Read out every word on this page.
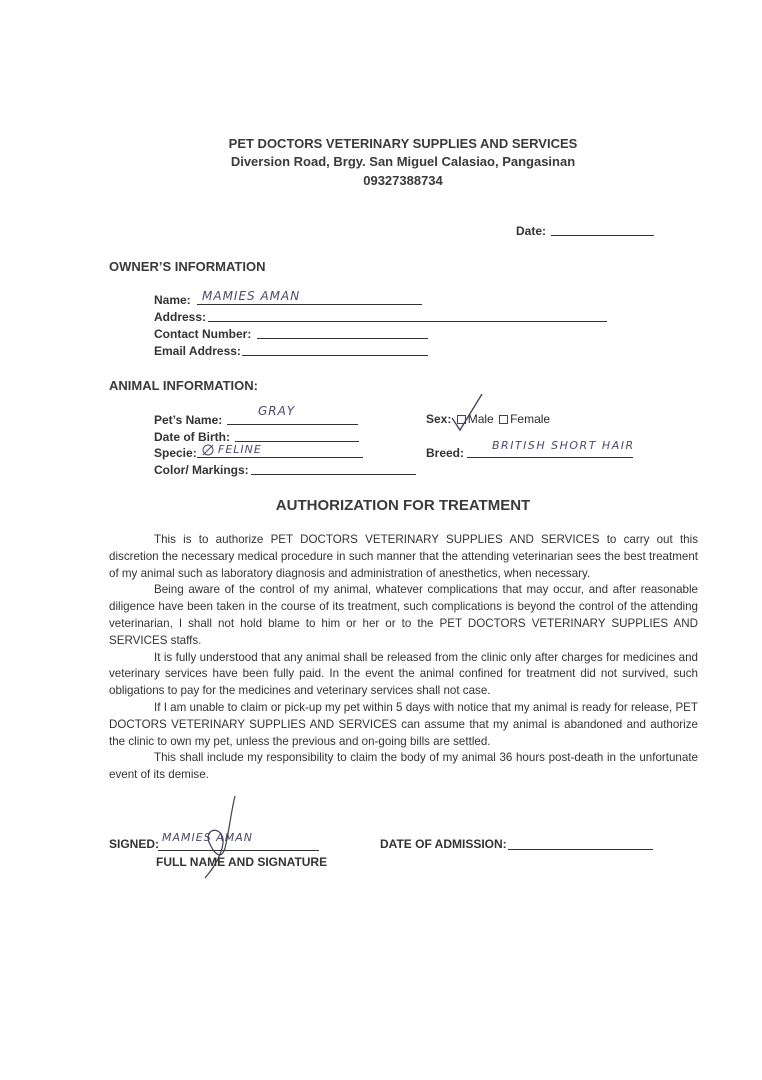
PET DOCTORS VETERINARY SUPPLIES AND SERVICES
Diversion Road, Brgy. San Miguel Calasiao, Pangasinan
09327388734
Date:
OWNER’S INFORMATION
Name: MAMIES AMAN
Address:
Contact Number:
Email Address:
ANIMAL INFORMATION:
Pet’s Name:
GRAY
Date of Birth:
Specie: FELINE
Color/ Markings:
Sex: Male Female
Breed:
BRITISH SHORT HAIR
AUTHORIZATION FOR TREATMENT

This is to authorize PET DOCTORS VETERINARY SUPPLIES AND SERVICES to carry out this discretion the necessary medical procedure in such manner that the attending veterinarian sees the best treatment of my animal such as laboratory diagnosis and administration of anesthetics, when necessary.

Being aware of the control of my animal, whatever complications that may occur, and after reasonable diligence have been taken in the course of its treatment, such complications is beyond the control of the attending veterinarian, I shall not hold blame to him or her or to the PET DOCTORS VETERINARY SUPPLIES AND SERVICES staffs.

It is fully understood that any animal shall be released from the clinic only after charges for medicines and veterinary services have been fully paid. In the event the animal confined for treatment did not survived, such obligations to pay for the medicines and veterinary services shall not case.

If I am unable to claim or pick-up my pet within 5 days with notice that my animal is ready for release, PET DOCTORS VETERINARY SUPPLIES AND SERVICES can assume that my animal is abandoned and authorize the clinic to own my pet, unless the previous and on-going bills are settled.

This shall include my responsibility to claim the body of my animal 36 hours post-death in the unfortunate event of its demise.

SIGNED: MAMIES AMAN
FULL NAME AND SIGNATURE
DATE OF ADMISSION:
